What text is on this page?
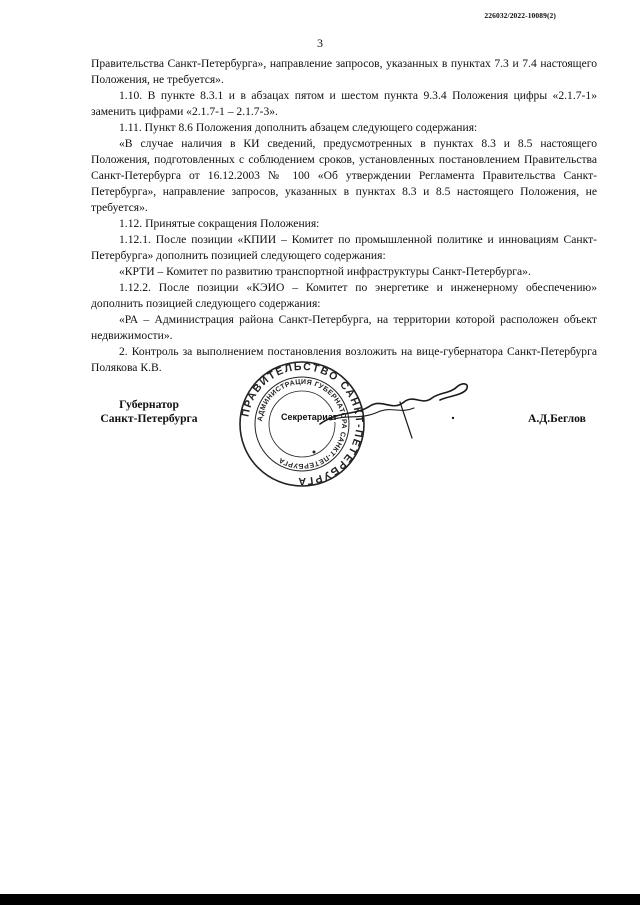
226032/2022-10089(2)
3

Правительства Санкт-Петербурга», направление запросов, указанных в пунктах 7.3 и 7.4 настоящего Положения, не требуется».

1.10. В пункте 8.3.1 и в абзацах пятом и шестом пункта 9.3.4 Положения цифры «2.1.7-1» заменить цифрами «2.1.7-1 – 2.1.7-3».

1.11. Пункт 8.6 Положения дополнить абзацем следующего содержания:

«В случае наличия в КИ сведений, предусмотренных в пунктах 8.3 и 8.5 настоящего Положения, подготовленных с соблюдением сроков, установленных постановлением Правительства Санкт-Петербурга от 16.12.2003 № 100 «Об утверждении Регламента Правительства Санкт-Петербурга», направление запросов, указанных в пунктах 8.3 и 8.5 настоящего Положения, не требуется».

1.12. Принятые сокращения Положения:

1.12.1. После позиции «КПИИ – Комитет по промышленной политике и инновациям Санкт-Петербурга» дополнить позицией следующего содержания:

«КРТИ – Комитет по развитию транспортной инфраструктуры Санкт-Петербурга».

1.12.2. После позиции «КЭИО – Комитет по энергетике и инженерному обеспечению» дополнить позицией следующего содержания:

«РА – Администрация района Санкт-Петербурга, на территории которой расположен объект недвижимости».

2. Контроль за выполнением постановления возложить на вице-губернатора Санкт-Петербурга Полякова К.В.

Губернатор
Санкт-Петербурга	ПРАВИТЕЛЬСТВО САНКТ-ПЕТЕРБУРГА
АДМИНИСТРАЦИЯ ГУБЕРНАТОРА САНКТ-ПЕТЕРБУРГА
Секретариат	А.Д.Беглов
